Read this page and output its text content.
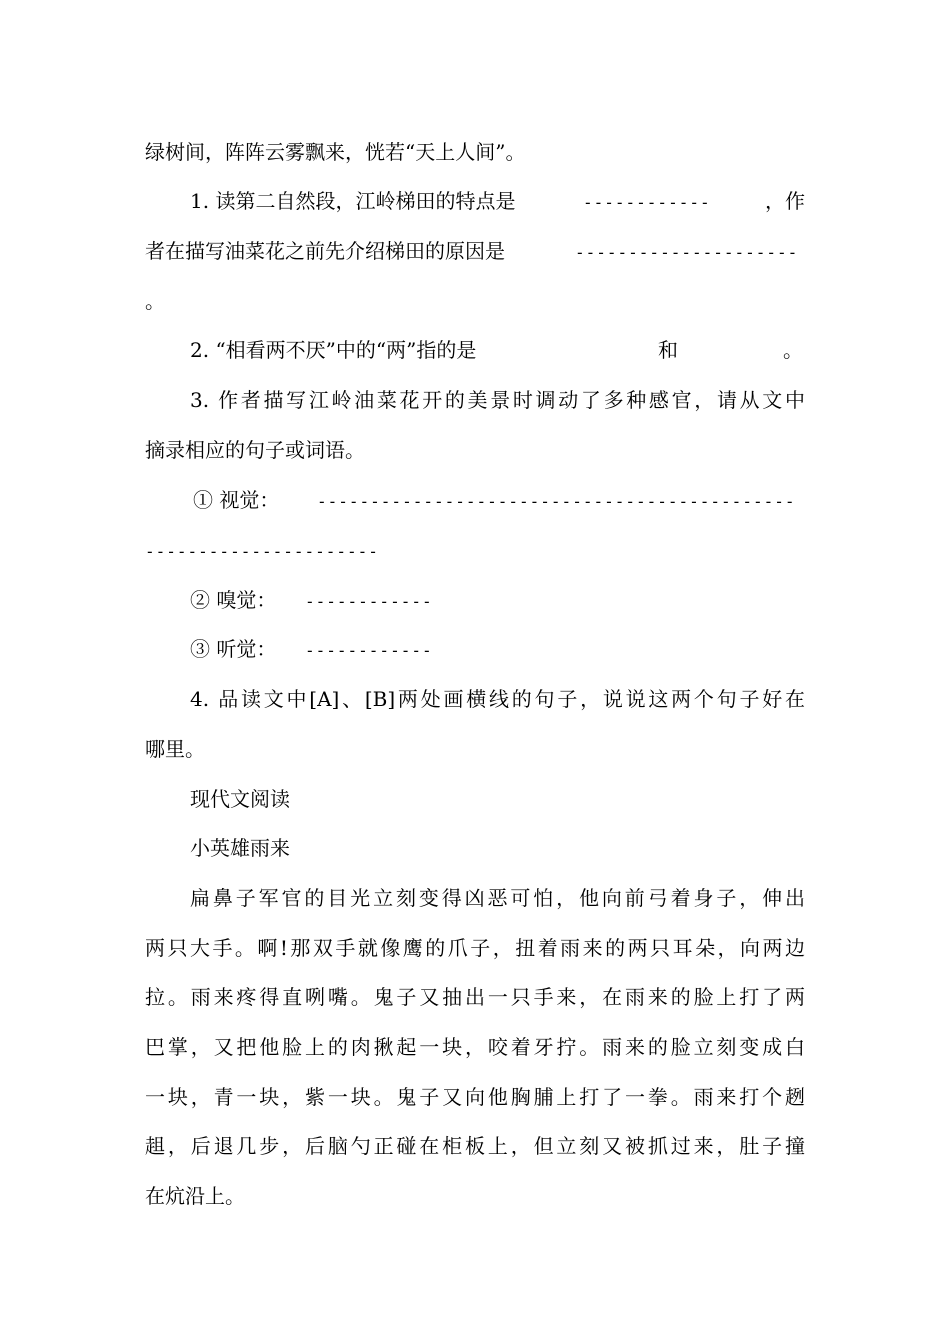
绿树间，阵阵云雾飘来，恍若“天上人间”。
1. 读第二自然段，江岭梯田的特点是	------------	，作
者在描写油菜花之前先介绍梯田的原因是	---------------------
。
2. “相看两不厌”中的“两”指的是	和	。
3. 作者描写江岭油菜花开的美景时调动了多种感官，请从文中
摘录相应的句子或词语。
① 视觉： ---------------------------------------------
----------------------
② 嗅觉： ------------
③ 听觉： ------------
4. 品读文中[A]、[B]两处画横线的句子，说说这两个句子好在
哪里。
现代文阅读
小英雄雨来
扁鼻子军官的目光立刻变得凶恶可怕，他向前弓着身子，伸出
两只大手。啊!那双手就像鹰的爪子，扭着雨来的两只耳朵，向两边
拉。雨来疼得直咧嘴。鬼子又抽出一只手来，在雨来的脸上打了两
巴掌，又把他脸上的肉揪起一块，咬着牙拧。雨来的脸立刻变成白
一块，青一块，紫一块。鬼子又向他胸脯上打了一拳。雨来打个趔
趄，后退几步，后脑勺正碰在柜板上，但立刻又被抓过来，肚子撞
在炕沿上。
